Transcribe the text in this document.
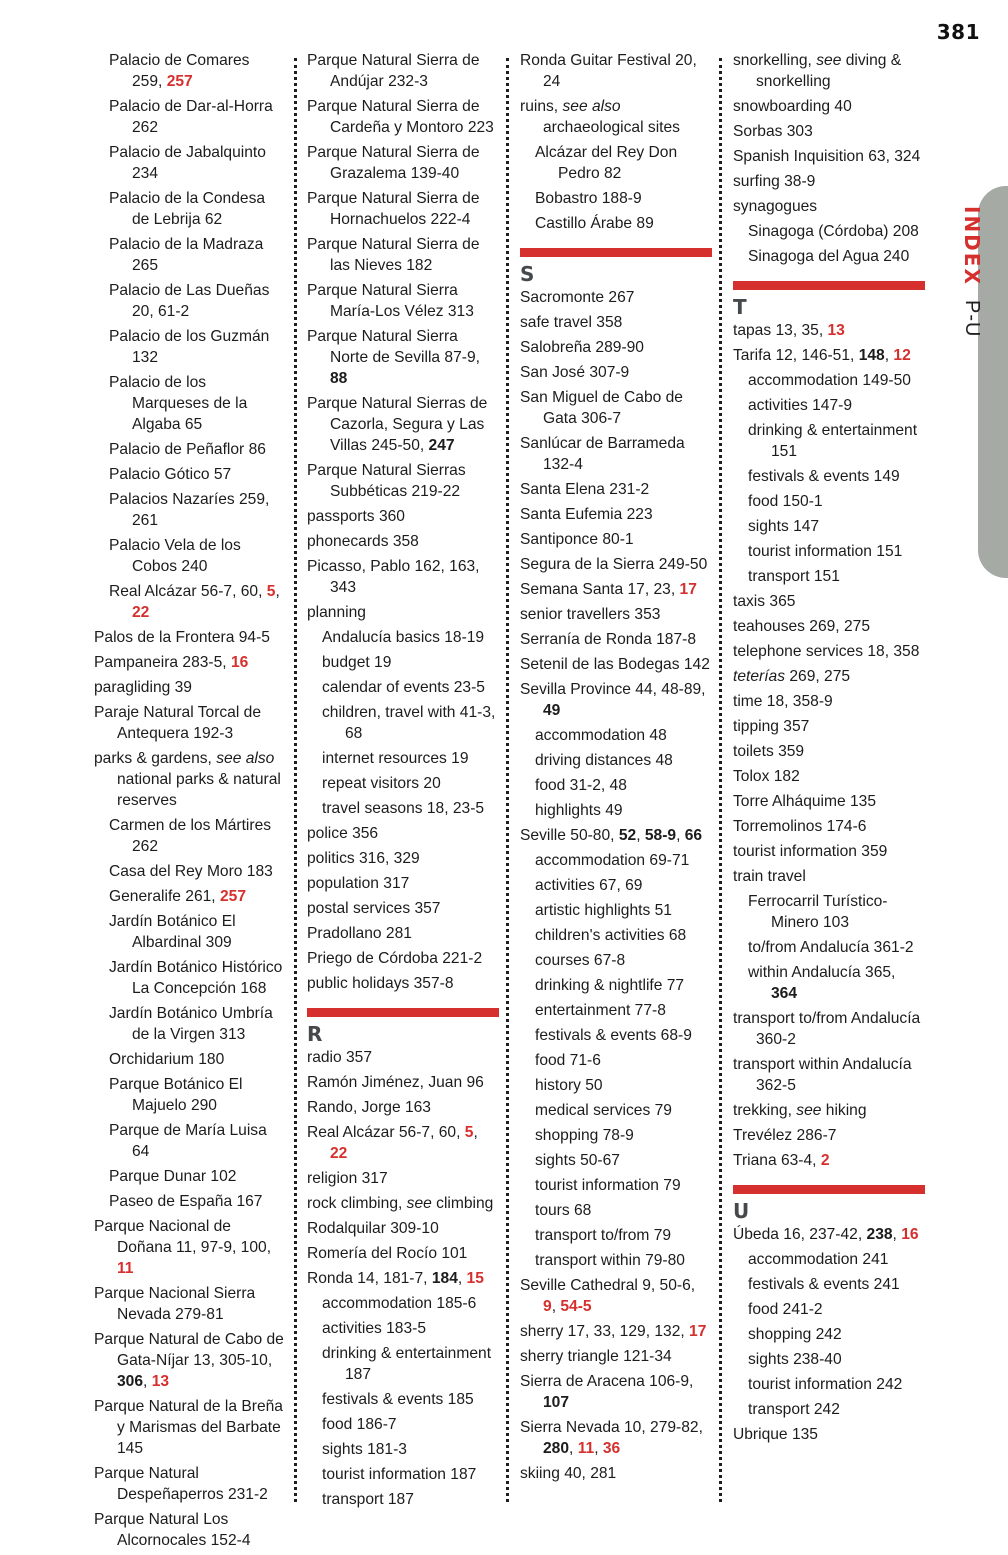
381
INDEX P-U
Palacio de Comares 259, 257
Palacio de Dar-al-Horra 262
Palacio de Jabalquinto 234
Palacio de la Condesa de Lebrija 62
Palacio de la Madraza 265
Palacio de Las Dueñas 20, 61-2
Palacio de los Guzmán 132
Palacio de los Marqueses de la Algaba 65
Palacio de Peñaflor 86
Palacio Gótico 57
Palacios Nazaríes 259, 261
Palacio Vela de los Cobos 240
Real Alcázar 56-7, 60, 5, 22
Palos de la Frontera 94-5
Pampaneira 283-5, 16
paragliding 39
Paraje Natural Torcal de Antequera 192-3
parks & gardens, see also national parks & natural reserves
Carmen de los Mártires 262
Casa del Rey Moro 183
Generalife 261, 257
Jardín Botánico El Albardinal 309
Jardín Botánico Histórico La Concepción 168
Jardín Botánico Umbría de la Virgen 313
Orchidarium 180
Parque Botánico El Majuelo 290
Parque de María Luisa 64
Parque Dunar 102
Paseo de España 167
Parque Nacional de Doñana 11, 97-9, 100, 11
Parque Nacional Sierra Nevada 279-81
Parque Natural de Cabo de Gata-Níjar 13, 305-10, 306, 13
Parque Natural de la Breña y Marismas del Barbate 145
Parque Natural Despeñaperros 231-2
Parque Natural Los Alcornocales 152-4
Parque Natural Sierra de Andújar 232-3
Parque Natural Sierra de Cardeña y Montoro 223
Parque Natural Sierra de Grazalema 139-40
Parque Natural Sierra de Hornachuelos 222-4
Parque Natural Sierra de las Nieves 182
Parque Natural Sierra María-Los Vélez 313
Parque Natural Sierra Norte de Sevilla 87-9, 88
Parque Natural Sierras de Cazorla, Segura y Las Villas 245-50, 247
Parque Natural Sierras Subbéticas 219-22
passports 360
phonecards 358
Picasso, Pablo 162, 163, 343
planning
Andalucía basics 18-19
budget 19
calendar of events 23-5
children, travel with 41-3, 68
internet resources 19
repeat visitors 20
travel seasons 18, 23-5
police 356
politics 316, 329
population 317
postal services 357
Pradollano 281
Priego de Córdoba 221-2
public holidays 357-8
R
radio 357
Ramón Jiménez, Juan 96
Rando, Jorge 163
Real Alcázar 56-7, 60, 5, 22
religion 317
rock climbing, see climbing
Rodalquilar 309-10
Romería del Rocío 101
Ronda 14, 181-7, 184, 15
accommodation 185-6
activities 183-5
drinking & entertainment 187
festivals & events 185
food 186-7
sights 181-3
tourist information 187
transport 187
Ronda Guitar Festival 20, 24
ruins, see also archaeological sites
Alcázar del Rey Don Pedro 82
Bobastro 188-9
Castillo Árabe 89
S
Sacromonte 267
safe travel 358
Salobreña 289-90
San José 307-9
San Miguel de Cabo de Gata 306-7
Sanlúcar de Barrameda 132-4
Santa Elena 231-2
Santa Eufemia 223
Santiponce 80-1
Segura de la Sierra 249-50
Semana Santa 17, 23, 17
senior travellers 353
Serranía de Ronda 187-8
Setenil de las Bodegas 142
Sevilla Province 44, 48-89, 49
accommodation 48
driving distances 48
food 31-2, 48
highlights 49
Seville 50-80, 52, 58-9, 66
accommodation 69-71
activities 67, 69
artistic highlights 51
children's activities 68
courses 67-8
drinking & nightlife 77
entertainment 77-8
festivals & events 68-9
food 71-6
history 50
medical services 79
shopping 78-9
sights 50-67
tourist information 79
tours 68
transport to/from 79
transport within 79-80
Seville Cathedral 9, 50-6, 9, 54-5
sherry 17, 33, 129, 132, 17
sherry triangle 121-34
Sierra de Aracena 106-9, 107
Sierra Nevada 10, 279-82, 280, 11, 36
skiing 40, 281
snorkelling, see diving & snorkelling
snowboarding 40
Sorbas 303
Spanish Inquisition 63, 324
surfing 38-9
synagogues
Sinagoga (Córdoba) 208
Sinagoga del Agua 240
T
tapas 13, 35, 13
Tarifa 12, 146-51, 148, 12
accommodation 149-50
activities 147-9
drinking & entertainment 151
festivals & events 149
food 150-1
sights 147
tourist information 151
transport 151
taxis 365
teahouses 269, 275
telephone services 18, 358
teterías 269, 275
time 18, 358-9
tipping 357
toilets 359
Tolox 182
Torre Alháquime 135
Torremolinos 174-6
tourist information 359
train travel
Ferrocarril Turístico-Minero 103
to/from Andalucía 361-2
within Andalucía 365, 364
transport to/from Andalucía 360-2
transport within Andalucía 362-5
trekking, see hiking
Trevélez 286-7
Triana 63-4, 2
U
Úbeda 16, 237-42, 238, 16
accommodation 241
festivals & events 241
food 241-2
shopping 242
sights 238-40
tourist information 242
transport 242
Ubrique 135
